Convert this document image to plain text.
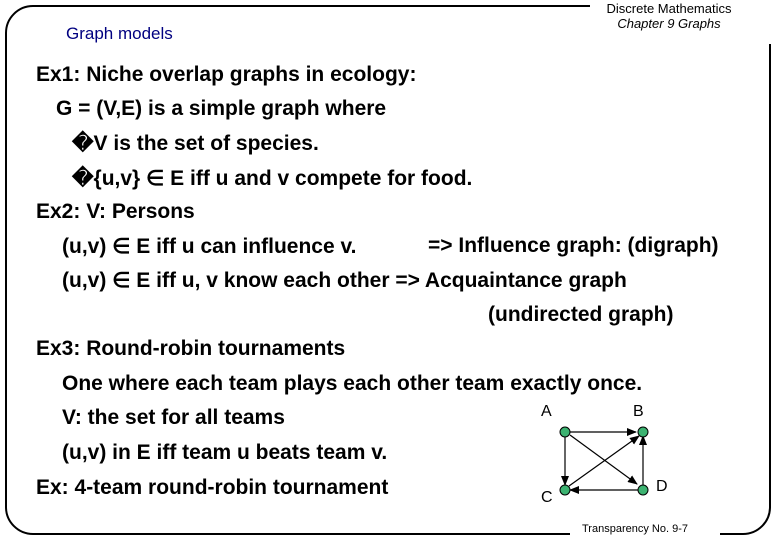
Graph models
Discrete Mathematics
Chapter 9 Graphs
Ex1: Niche overlap graphs in ecology:
G = (V,E) is a simple graph where
�V is the set of species.
�{u,v} ∈ E iff u and v compete for food.
Ex2: V: Persons
(u,v) ∈ E iff u can influence v.	=> Influence graph: (digraph)
(u,v) ∈ E iff u, v know each other => Acquaintance graph
(undirected graph)
Ex3: Round-robin tournaments
One where each team plays each other team exactly once.
V: the set for all teams
(u,v) in E iff team u beats team v.
Ex: 4-team round-robin tournament
A	B
C
D
Transparency No. 9-7
